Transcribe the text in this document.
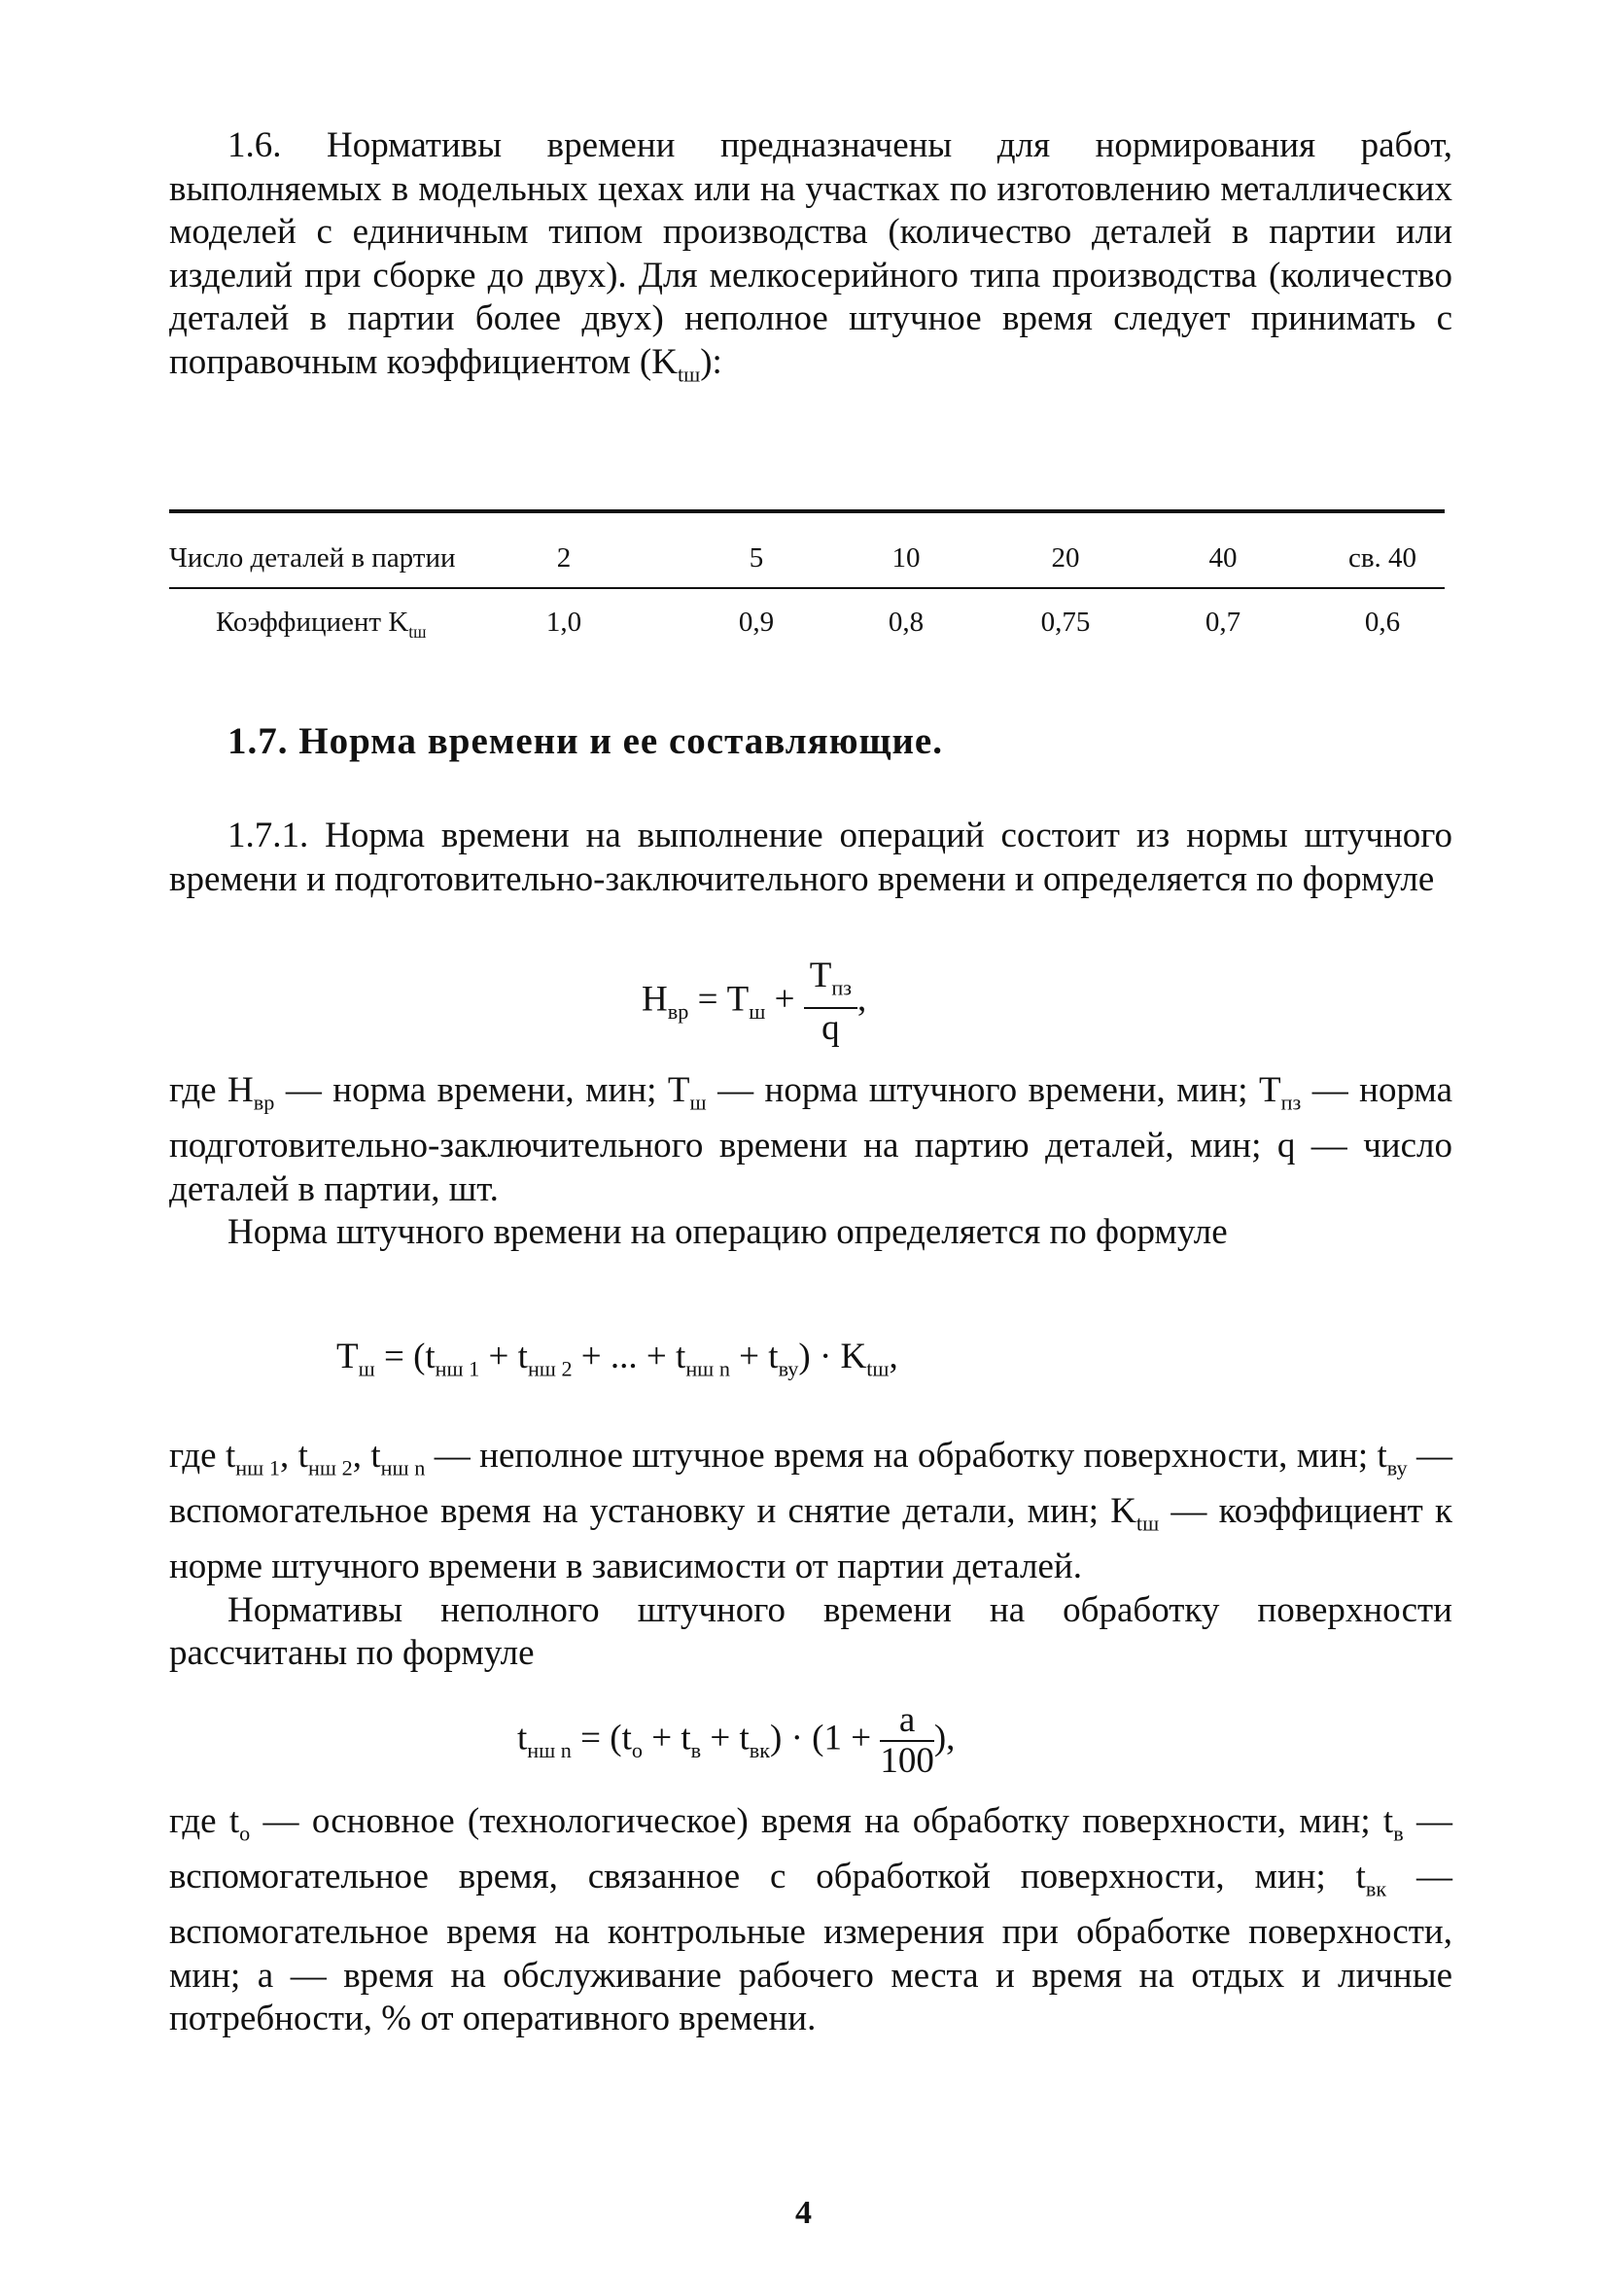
1.6. Нормативы времени предназначены для нормирования работ, выполняемых в модельных цехах или на участках по изготовлению металлических моделей с единичным типом производства (количество деталей в партии или изделий при сборке до двух). Для мелкосерийного типа производства (количество деталей в партии более двух) неполное штучное время следует принимать с поправочным коэффициентом $(K_{tш})$:

Число деталей в партии	2	5	10	20	40	св. 40
Коэффициент $K_{tш}$	1,0	0,9	0,8	0,75	0,7	0,6
1.7. Норма времени и ее составляющие.

1.7.1. Норма времени на выполнение операций состоит из нормы штучного времени и подготовительно-заключительного времени и определяется по формуле

$H_{вр} = T_ш + \frac{T_{пз}}{q}$ ,

где $H_{вр}$ — норма времени, мин; $T_ш$ — норма штучного времени, мин; $T_{пз}$ — норма подготовительно-заключительного времени на партию деталей, мин; q — число деталей в партии, шт.

Норма штучного времени на операцию определяется по формуле

$T_ш = (t_{нш 1} + t_{нш 2}$ + ... + $t_{нш n} + t_{ву}) \cdot K_{tш}$,

где $t_{нш 1}$, $t_{нш 2}$, $t_{нш n}$ — неполное штучное время на обработку поверхности, мин; $t_{ву}$ — вспомогательное время на установку и снятие детали, мин; $K_{tш}$ — коэффициент к норме штучного времени в зависимости от партии деталей.

Нормативы неполного штучного времени на обработку поверхности рассчитаны по формуле

$t_{нш n} = (t_о + t_в + t_{вк}) \cdot (1 + \frac{a}{100}$ ),

где $t_о$ — основное (технологическое) время на обработку поверхности, мин; $t_в$ — вспомогательное время, связанное с обработкой поверхности, мин; $t_{вк}$ — вспомогательное время на контрольные измерения при обработке поверхности, мин; a — время на обслуживание рабочего места и время на отдых и личные потребности, % от оперативного времени.

4
